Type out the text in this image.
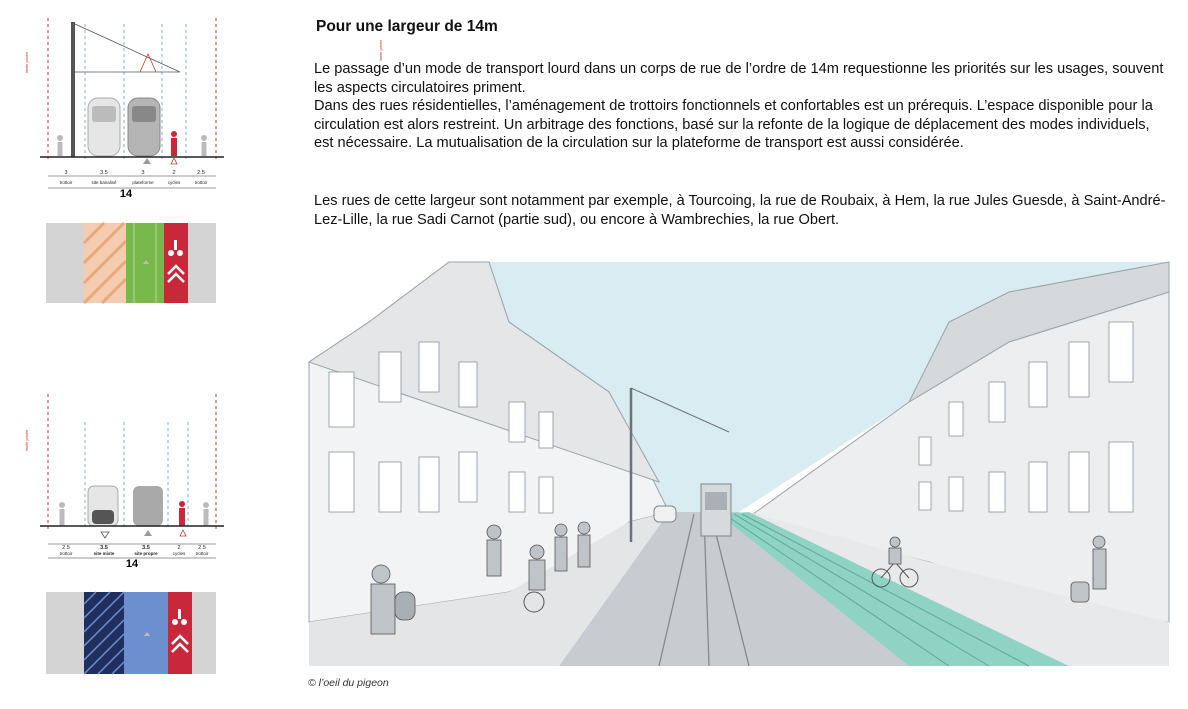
limite privée
limite privée
3	3.5	3	2	2.5
trottoir	site banalisé	plateforme	cycles	trottoir
14
limite privée
2.5	3.5	3.5	2	2.5
trottoir	site mixte	site propre	cycles trottoir
14
Pour une largeur de 14m
Le passage d’un mode de transport lourd dans un corps de rue de l’ordre de 14m requestionne les priorités sur les usages, souvent les aspects circulatoires priment.
Dans des rues résidentielles, l’aménagement de trottoirs fonctionnels et confortables est un prérequis. L’espace disponible pour la circulation est alors restreint. Un arbitrage des fonctions, basé sur la refonte de la logique de déplacement des modes individuels, est nécessaire. La mutualisation de la circulation sur la plateforme de transport est aussi considérée.
Les rues de cette largeur sont notamment par exemple, à Tourcoing, la rue de Roubaix, à Hem, la rue Jules Guesde, à Saint-André-Lez-Lille, la rue Sadi Carnot (partie sud), ou encore à Wambrechies, la rue Obert.
© l’oeil du pigeon
